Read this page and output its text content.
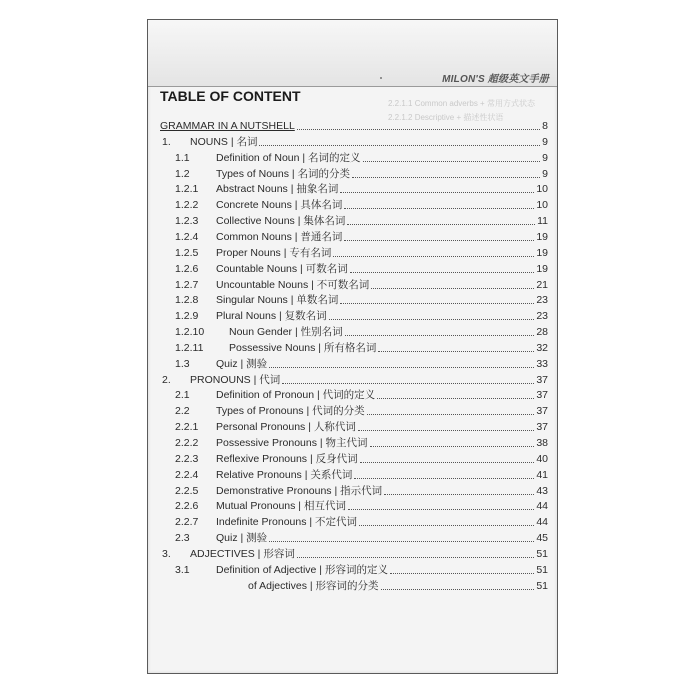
MILON'S 超级英文手册
2.2.1.1 Common adverbs + 常用方式状态
2.2.1.2 Descriptive + 描述性状语
TABLE OF CONTENT
GRAMMAR IN A NUTSHELL	8
1. NOUNS | 名词	9
1.1	Definition of Noun | 名词的定义	9
1.2	Types of Nouns | 名词的分类	9
1.2.1 Abstract Nouns | 抽象名词	10
1.2.2 Concrete Nouns | 具体名词	10
1.2.3 Collective Nouns | 集体名词	11
1.2.4 Common Nouns | 普通名词	19
1.2.5 Proper Nouns | 专有名词	19
1.2.6 Countable Nouns | 可数名词	19
1.2.7 Uncountable Nouns | 不可数名词	21
1.2.8 Singular Nouns | 单数名词	23
1.2.9 Plural Nouns | 复数名词	23
1.2.10 Noun Gender | 性别名词	28
1.2.11 Possessive Nouns | 所有格名词	32
1.3	Quiz | 测验	33
2. PRONOUNS | 代词	37
2.1	Definition of Pronoun | 代词的定义	37
2.2	Types of Pronouns | 代词的分类	37
2.2.1 Personal Pronouns | 人称代词	37
2.2.2 Possessive Pronouns | 物主代词	38
2.2.3 Reflexive Pronouns | 反身代词	40
2.2.4 Relative Pronouns | 关系代词	41
2.2.5 Demonstrative Pronouns | 指示代词	43
2.2.6 Mutual Pronouns | 相互代词	44
2.2.7 Indefinite Pronouns | 不定代词	44
2.3	Quiz | 测验	45
3. ADJECTIVES | 形容词	51
3.1	Definition of Adjective | 形容词的定义	51
of Adjectives | 形容词的分类	51
